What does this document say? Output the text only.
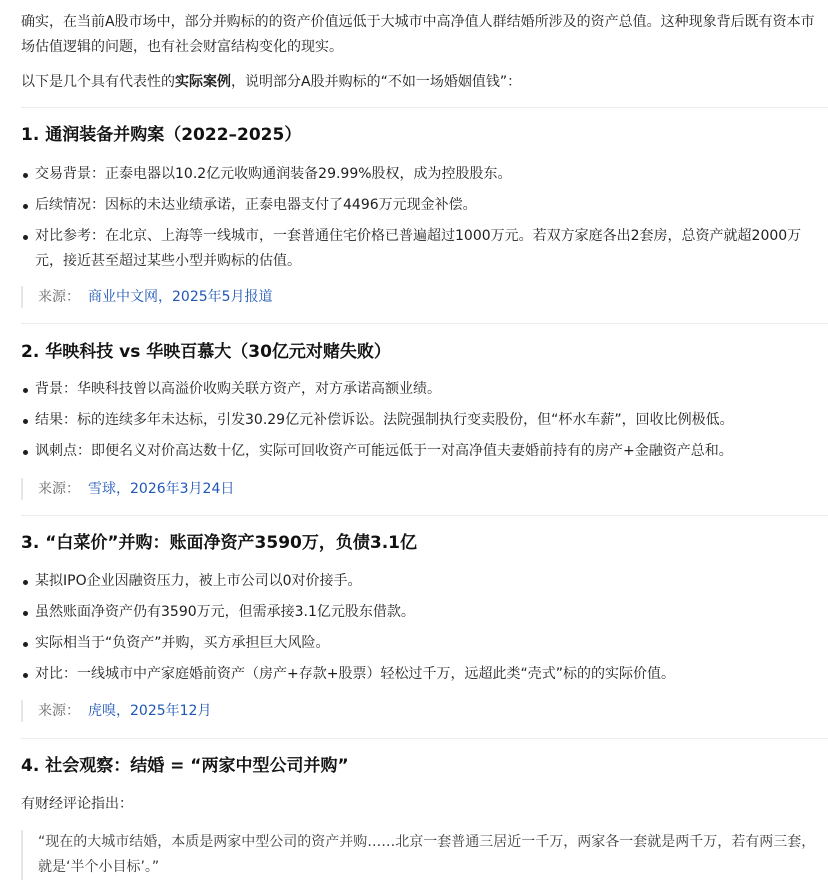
确实，在当前A股市场中，部分并购标的的资产价值远低于大城市中高净值人群结婚所涉及的资产总值。这种现象背后既有资本市场估值逻辑的问题，也有社会财富结构变化的现实。

以下是几个具有代表性的实际案例，说明部分A股并购标的“不如一场婚姻值钱”：

1. 通润装备并购案（2022–2025）
交易背景：正泰电器以10.2亿元收购通润装备29.99%股权，成为控股股东。
后续情况：因标的未达业绩承诺，正泰电器支付了4496万元现金补偿。
对比参考：在北京、上海等一线城市，一套普通住宅价格已普遍超过1000万元。若双方家庭各出2套房，总资产就超2000万元，接近甚至超过某些小型并购标的估值。
来源： 商业中文网，2025年5月报道
2. 华映科技 vs 华映百慕大（30亿元对赌失败）
背景：华映科技曾以高溢价收购关联方资产，对方承诺高额业绩。
结果：标的连续多年未达标，引发30.29亿元补偿诉讼。法院强制执行变卖股份，但“杯水车薪”，回收比例极低。
讽刺点：即便名义对价高达数十亿，实际可回收资产可能远低于一对高净值夫妻婚前持有的房产+金融资产总和。
来源： 雪球，2026年3月24日
3. “白菜价”并购：账面净资产3590万，负债3.1亿
某拟IPO企业因融资压力，被上市公司以0对价接手。
虽然账面净资产仍有3590万元，但需承接3.1亿元股东借款。
实际相当于“负资产”并购，买方承担巨大风险。
对比：一线城市中产家庭婚前资产（房产+存款+股票）轻松过千万，远超此类“壳式”标的的实际价值。
来源： 虎嗅，2025年12月
4. 社会观察：结婚 = “两家中型公司并购”

有财经评论指出：

“现在的大城市结婚，本质是两家中型公司的资产并购……北京一套普通三居近一千万，两家各一套就是两千万，若有两三套，就是‘半个小目标’。”
